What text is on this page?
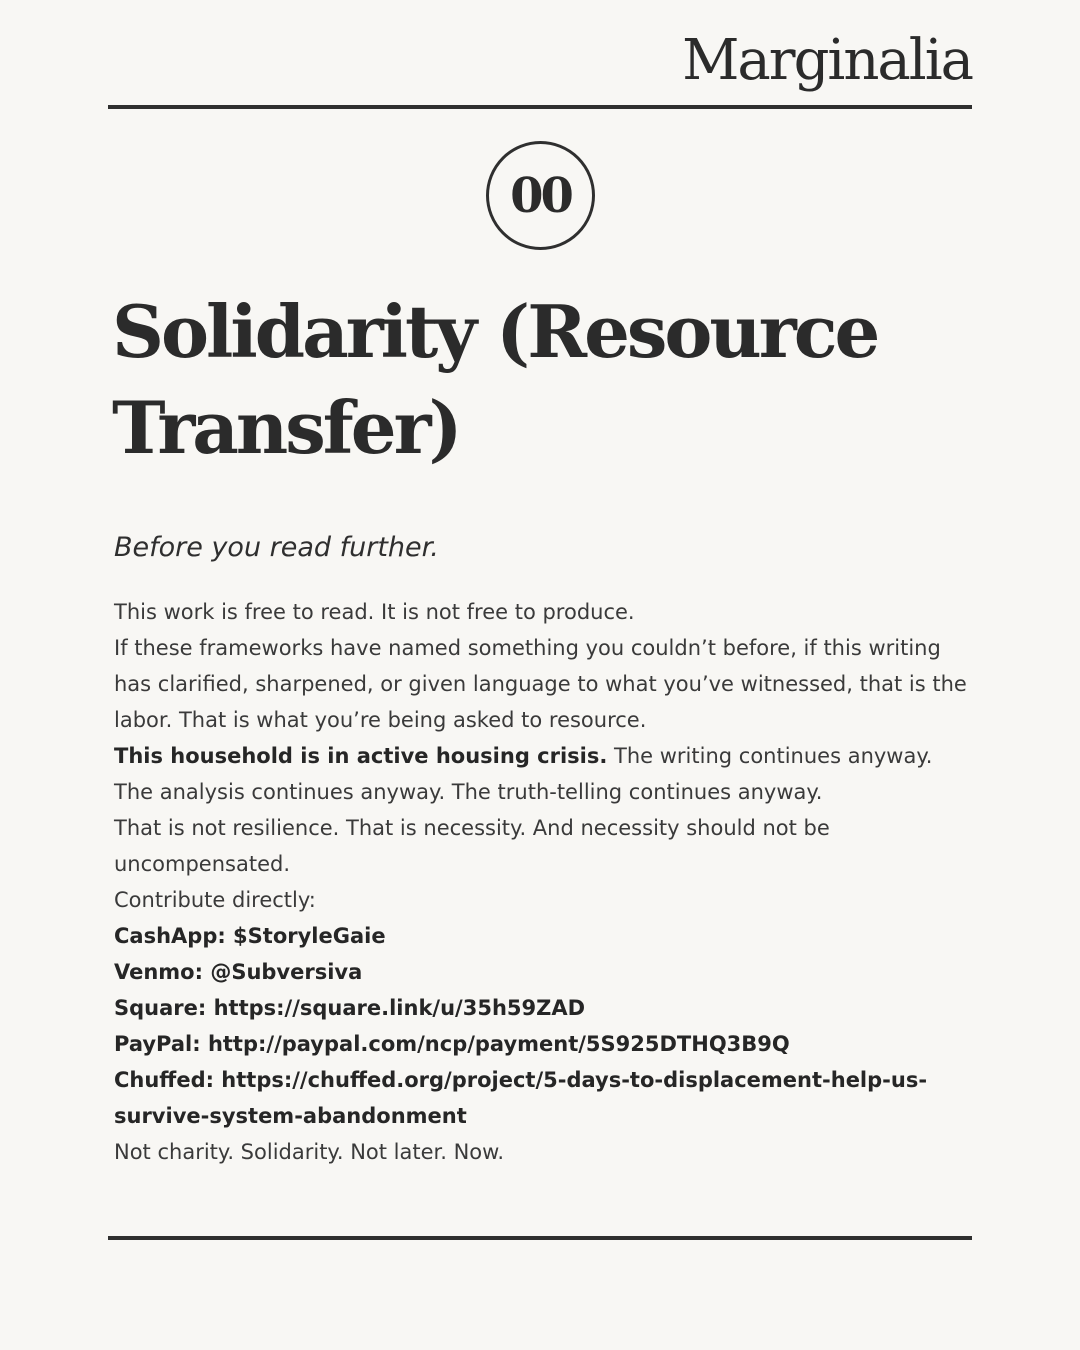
Marginalia
00
Solidarity (Resource Transfer)
Before you read further.

This work is free to read. It is not free to produce.

If these frameworks have named something you couldn’t before, if this writing has clarified, sharpened, or given language to what you’ve witnessed, that is the labor. That is what you’re being asked to resource.

This household is in active housing crisis. The writing continues anyway. The analysis continues anyway. The truth-telling continues anyway.

That is not resilience. That is necessity. And necessity should not be uncompensated.

Contribute directly:

CashApp: $StoryleGaie

Venmo: @Subversiva

Square: https://square.link/u/35h59ZAD

PayPal: http://paypal.com/ncp/payment/5S925DTHQ3B9Q

Chuffed: https://chuffed.org/project/5-days-to-displacement-help-us-survive-system-abandonment

Not charity. Solidarity. Not later. Now.
